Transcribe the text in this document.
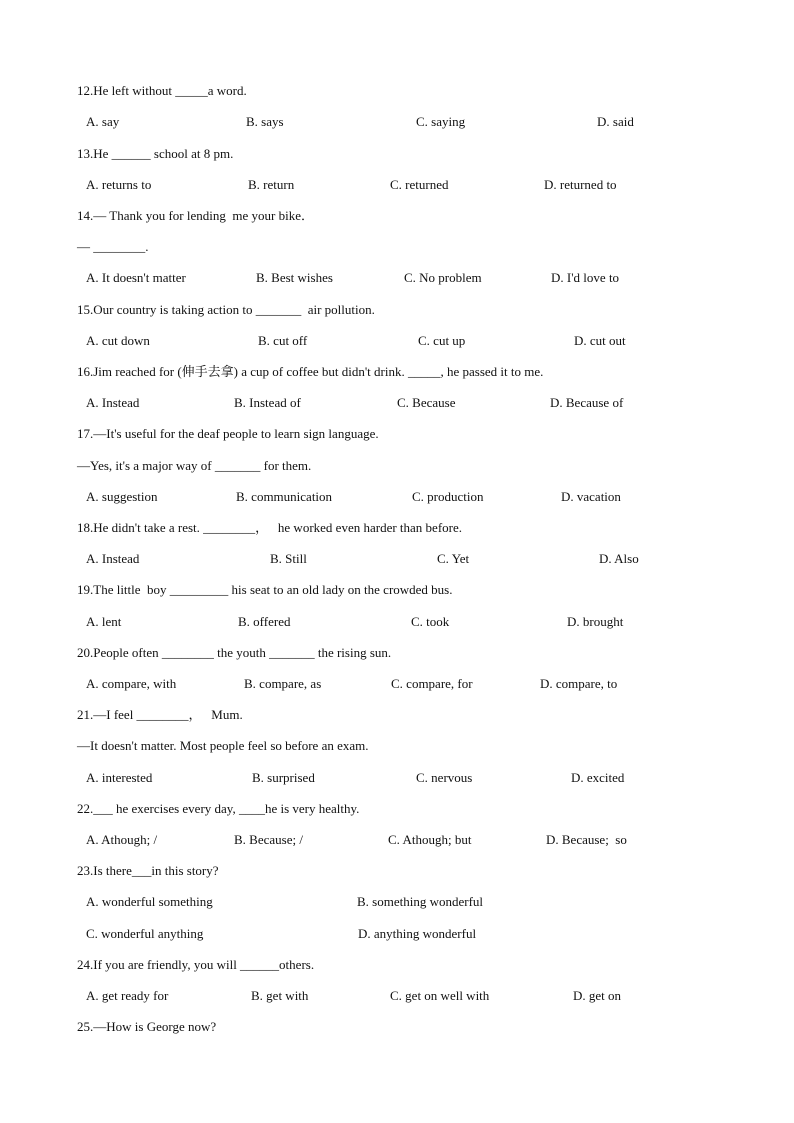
12.He left without _____a word.

A. say

	B. says

	C. saying

	D. said

13.He ______ school at 8 pm.

A. returns to

	B. return

	C. returned

	D. returned to

14.— Thank you for lending  me your bike．
— ________.

A. It doesn't matter

	B. Best wishes

	C. No problem

	D. I'd love to

15.Our country is taking action to _______  air pollution.

A. cut down

	B. cut off

	C. cut up

	D. cut out

16.Jim reached for (伸手去拿) a cup of coffee but didn't drink. _____, he passed it to me.

A. Instead

	B. Instead of

	C. Because

	D. Because of

17.—It's useful for the deaf people to learn sign language.
—Yes, it's a major way of _______ for them.

A. suggestion

	B. communication

	C. production

	D. vacation

18.He didn't take a rest. ________，   he worked even harder than before.

A. Instead

	B. Still

	C. Yet

	D. Also

19.The little  boy _________ his seat to an old lady on the crowded bus.

A. lent

	B. offered

	C. took

	D. brought

20.People often ________ the youth _______ the rising sun.

A. compare, with

	B. compare, as

	C. compare, for

	D. compare, to

21.—I feel ________，   Mum.
—It doesn't matter. Most people feel so before an exam.

A. interested

	B. surprised

	C. nervous

	D. excited

22.___ he exercises every day, ____he is very healthy.

A. Athough; /

	B. Because; /

	C. Athough; but

	D. Because;  so

23.Is there___in this story?

A. wonderful something

	B. something wonderful

C. wonderful anything

	D. anything wonderful

24.If you are friendly, you will ______others.

A. get ready for

	B. get with

	C. get on well with

	D. get on

25.—How is George now?
